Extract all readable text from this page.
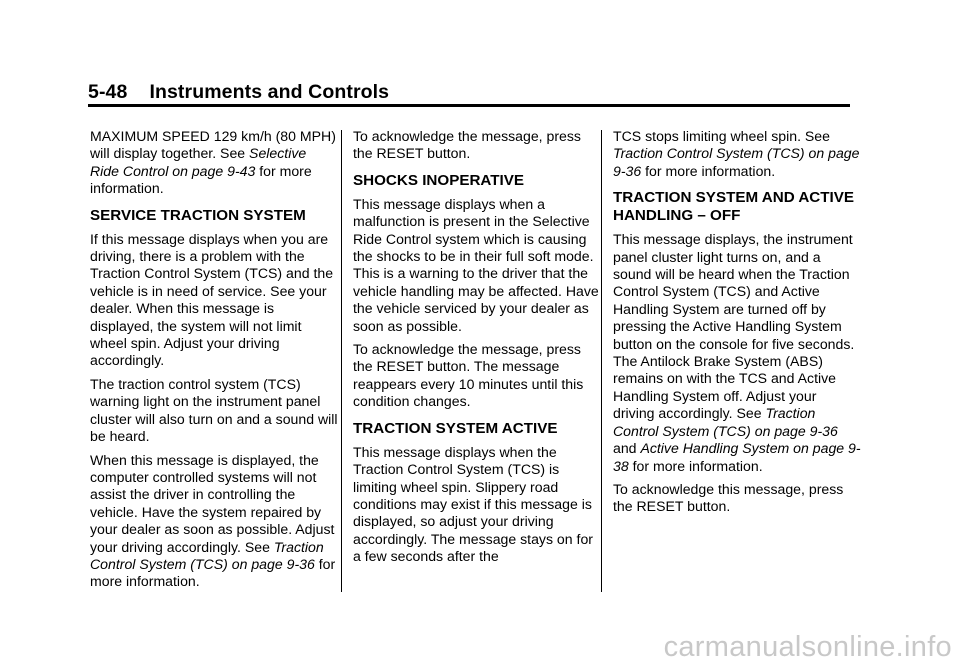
5-48 Instruments and Controls

MAXIMUM SPEED 129 km/h (80 MPH) will display together. See Selective Ride Control on page 9-43 for more information.

SERVICE TRACTION SYSTEM

If this message displays when you are driving, there is a problem with the Traction Control System (TCS) and the vehicle is in need of service. See your dealer. When this message is displayed, the system will not limit wheel spin. Adjust your driving accordingly.

The traction control system (TCS) warning light on the instrument panel cluster will also turn on and a sound will be heard.

When this message is displayed, the computer controlled systems will not assist the driver in controlling the vehicle. Have the system repaired by your dealer as soon as possible. Adjust your driving accordingly. See Traction Control System (TCS) on page 9-36 for more information.

To acknowledge the message, press the RESET button.

SHOCKS INOPERATIVE

This message displays when a malfunction is present in the Selective Ride Control system which is causing the shocks to be in their full soft mode. This is a warning to the driver that the vehicle handling may be affected. Have the vehicle serviced by your dealer as soon as possible.

To acknowledge the message, press the RESET button. The message reappears every 10 minutes until this condition changes.

TRACTION SYSTEM ACTIVE

This message displays when the Traction Control System (TCS) is limiting wheel spin. Slippery road conditions may exist if this message is displayed, so adjust your driving accordingly. The message stays on for a few seconds after the

TCS stops limiting wheel spin. See Traction Control System (TCS) on page 9-36 for more information.

TRACTION SYSTEM AND ACTIVE HANDLING – OFF

This message displays, the instrument panel cluster light turns on, and a sound will be heard when the Traction Control System (TCS) and Active Handling System are turned off by pressing the Active Handling System button on the console for five seconds. The Antilock Brake System (ABS) remains on with the TCS and Active Handling System off. Adjust your driving accordingly. See Traction Control System (TCS) on page 9-36 and Active Handling System on page 9-38 for more information.

To acknowledge this message, press the RESET button.

carmanualsonline.info
